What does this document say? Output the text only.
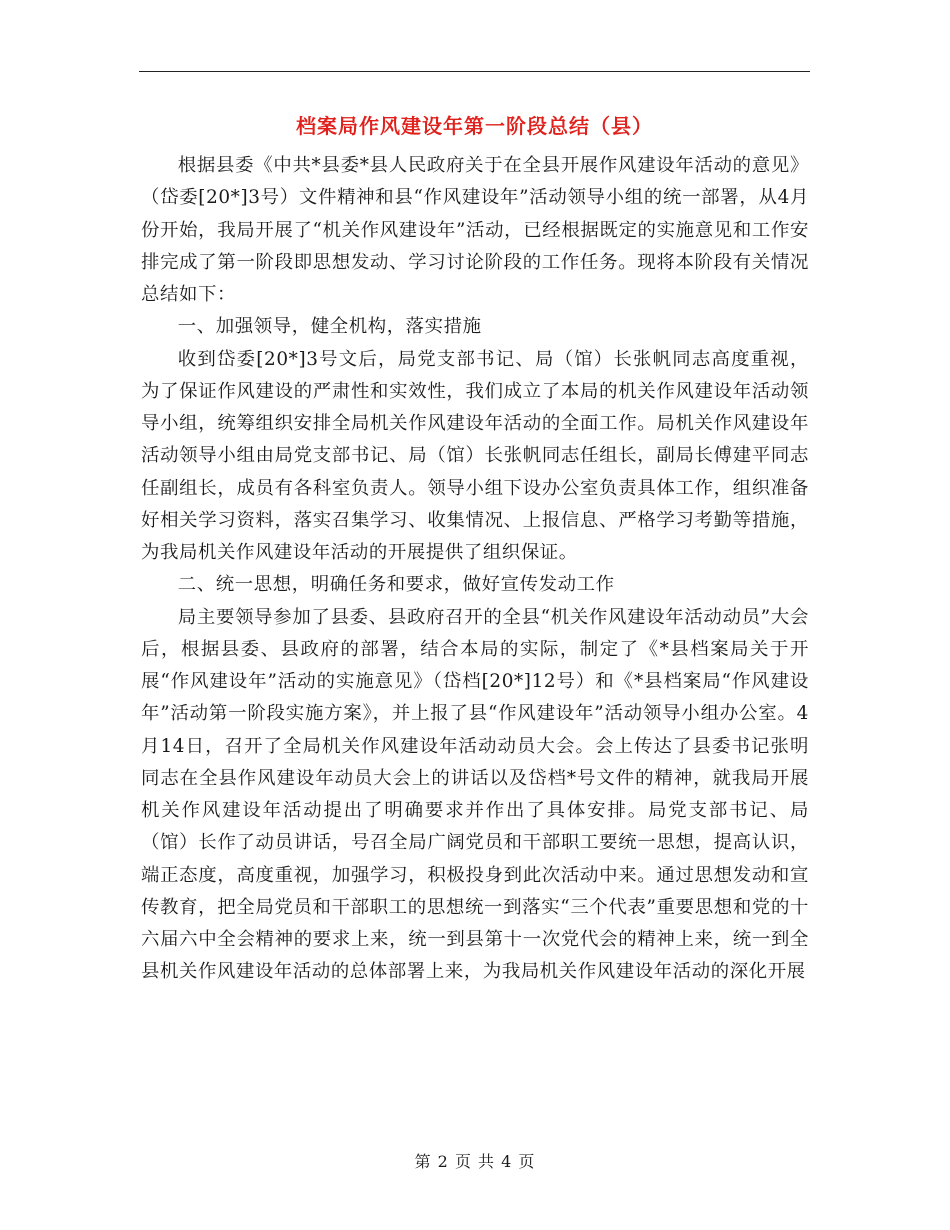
档案局作风建设年第一阶段总结（县）

根据县委《中共*县委*县人民政府关于在全县开展作风建设年活动的意见》（岱委[20*]3号）文件精神和县“作风建设年”活动领导小组的统一部署，从4月份开始，我局开展了“机关作风建设年”活动，已经根据既定的实施意见和工作安排完成了第一阶段即思想发动、学习讨论阶段的工作任务。现将本阶段有关情况总结如下：

一、加强领导，健全机构，落实措施

收到岱委[20*]3号文后，局党支部书记、局（馆）长张帆同志高度重视，为了保证作风建设的严肃性和实效性，我们成立了本局的机关作风建设年活动领导小组，统筹组织安排全局机关作风建设年活动的全面工作。局机关作风建设年活动领导小组由局党支部书记、局（馆）长张帆同志任组长，副局长傅建平同志任副组长，成员有各科室负责人。领导小组下设办公室负责具体工作，组织准备好相关学习资料，落实召集学习、收集情况、上报信息、严格学习考勤等措施，为我局机关作风建设年活动的开展提供了组织保证。

二、统一思想，明确任务和要求，做好宣传发动工作

局主要领导参加了县委、县政府召开的全县“机关作风建设年活动动员”大会后，根据县委、县政府的部署，结合本局的实际，制定了《*县档案局关于开展“作风建设年”活动的实施意见》（岱档[20*]12号）和《*县档案局“作风建设年”活动第一阶段实施方案》，并上报了县“作风建设年”活动领导小组办公室。4月14日，召开了全局机关作风建设年活动动员大会。会上传达了县委书记张明同志在全县作风建设年动员大会上的讲话以及岱档*号文件的精神，就我局开展机关作风建设年活动提出了明确要求并作出了具体安排。局党支部书记、局（馆）长作了动员讲话，号召全局广阔党员和干部职工要统一思想，提高认识，端正态度，高度重视，加强学习，积极投身到此次活动中来。通过思想发动和宣传教育，把全局党员和干部职工的思想统一到落实“三个代表”重要思想和党的十六届六中全会精神的要求上来，统一到县第十一次党代会的精神上来，统一到全县机关作风建设年活动的总体部署上来，为我局机关作风建设年活动的深化开展

第 2 页 共 4 页
